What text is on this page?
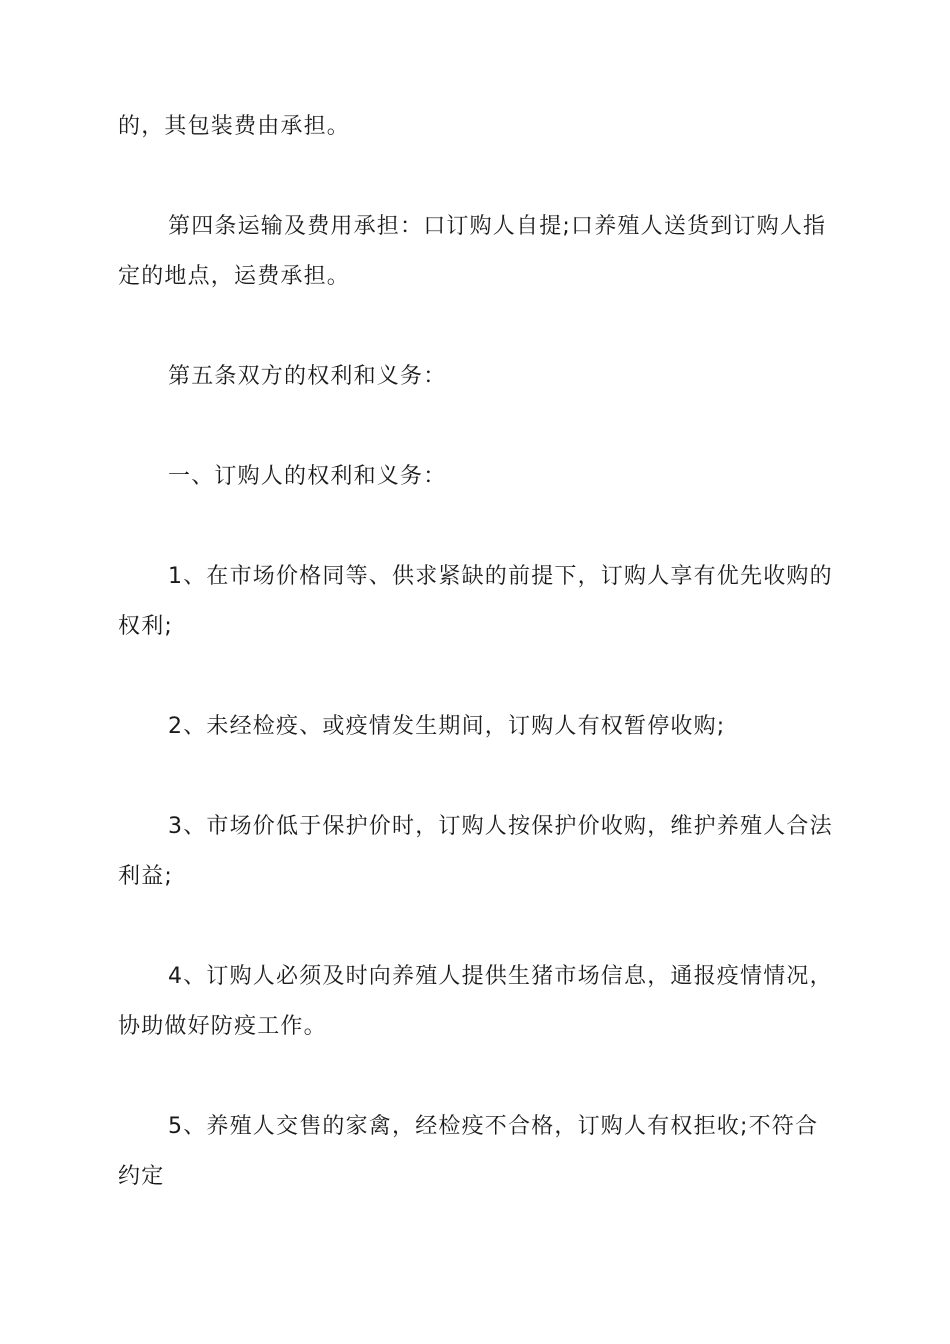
的，其包装费由承担。

第四条运输及费用承担：口订购人自提;口养殖人送货到订购人指定的地点，运费承担。

第五条双方的权利和义务：

一、订购人的权利和义务：

1、在市场价格同等、供求紧缺的前提下，订购人享有优先收购的权利;

2、未经检疫、或疫情发生期间，订购人有权暂停收购;

3、市场价低于保护价时，订购人按保护价收购，维护养殖人合法利益;

4、订购人必须及时向养殖人提供生猪市场信息，通报疫情情况，协助做好防疫工作。

5、养殖人交售的家禽，经检疫不合格，订购人有权拒收;不符合约定
